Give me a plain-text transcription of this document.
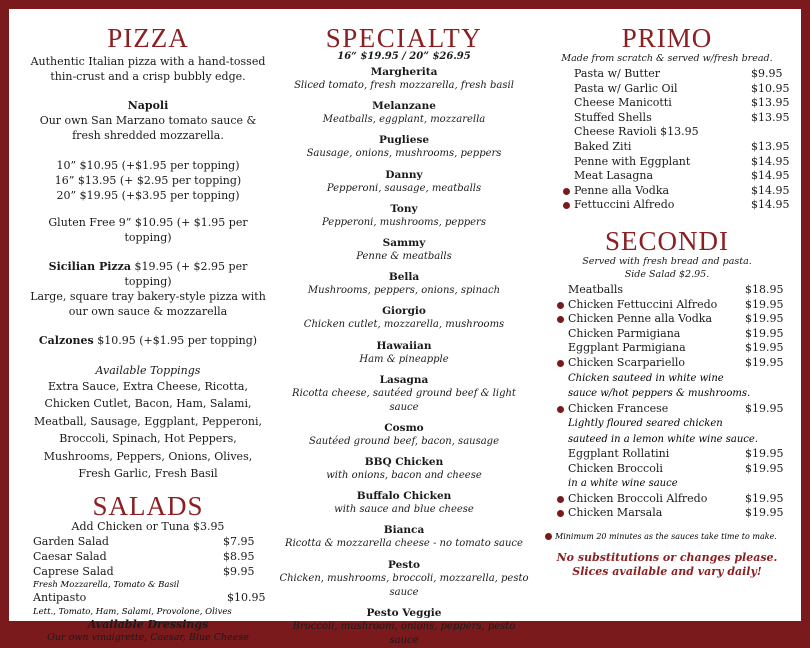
PIZZA
Authentic Italian pizza with a hand-tossed thin-crust and a crisp bubbly edge.
Napoli
Our own San Marzano tomato sauce & fresh shredded mozzarella.
10” $10.95 (+$1.95 per topping)
16” $13.95 (+ $2.95 per topping)
20” $19.95 (+$3.95 per topping)
Gluten Free 9” $10.95 (+ $1.95 per topping)
Sicilian Pizza $19.95 (+ $2.95 per topping)
Large, square tray bakery-style pizza with our own sauce & mozzarella
Calzones $10.95 (+$1.95 per topping)
Available Toppings
Extra Sauce, Extra Cheese, Ricotta, Chicken Cutlet, Bacon, Ham, Salami, Meatball, Sausage, Eggplant, Pepperoni, Broccoli, Spinach, Hot Peppers, Mushrooms, Peppers, Onions, Olives, Fresh Garlic, Fresh Basil
SALADS
Add Chicken or Tuna $3.95
Garden Salad	$7.95
Caesar Salad	$8.95
Caprese Salad	$9.95
Fresh Mozzarella, Tomato & Basil
Antipasto	$10.95
Lett., Tomato, Ham, Salami, Provolone, Olives
Available Dressings
Our own vinaigrette, Caesar, Blue Cheese
SPECIALTY
16“ $19.95 / 20” $26.95
Margherita
Sliced tomato, fresh mozzarella, fresh basil
Melanzane
Meatballs, eggplant, mozzarella
Pugliese
Sausage, onions, mushrooms, peppers
Danny
Pepperoni, sausage, meatballs
Tony
Pepperoni, mushrooms, peppers
Sammy
Penne & meatballs
Bella
Mushrooms, peppers, onions, spinach
Giorgio
Chicken cutlet, mozzarella, mushrooms
Hawaiian
Ham & pineapple
Lasagna
Ricotta cheese, sautéed ground beef & light sauce
Cosmo
Sautéed ground beef, bacon, sausage
BBQ Chicken
with onions, bacon and cheese
Buffalo Chicken
with sauce and blue cheese
Bianca
Ricotta & mozzarella cheese - no tomato sauce
Pesto
Chicken, mushrooms, broccoli, mozzarella, pesto sauce
Pesto Veggie
Broccoli, mushroom, onions, peppers, pesto sauce
PRIMO
Made from scratch & served w/fresh bread.
Pasta w/ Butter	$9.95
Pasta w/ Garlic Oil	$10.95
Cheese Manicotti	$13.95
Stuffed Shells	$13.95
Cheese Ravioli $13.95
Baked Ziti	$13.95
Penne with Eggplant	$14.95
Meat Lasagna	$14.95
Penne alla Vodka	$14.95
Fettuccini Alfredo	$14.95
SECONDI
Served with fresh bread and pasta.
Side Salad $2.95.
Meatballs	$18.95
Chicken Fettuccini Alfredo	$19.95
Chicken Penne alla Vodka	$19.95
Chicken Parmigiana	$19.95
Eggplant Parmigiana	$19.95
Chicken Scarpariello	$19.95
Chicken sauteed in white wine
sauce w/hot peppers & mushrooms.
Chicken Francese	$19.95
Lightly floured seared chicken
sauteed in a lemon white wine sauce.
Eggplant Rollatini	$19.95
Chicken Broccoli	$19.95
in a white wine sauce
Chicken Broccoli Alfredo	$19.95
Chicken Marsala	$19.95
Minimum 20 minutes as the sauces take time to make.
No substitutions or changes please.
Slices available and vary daily!
